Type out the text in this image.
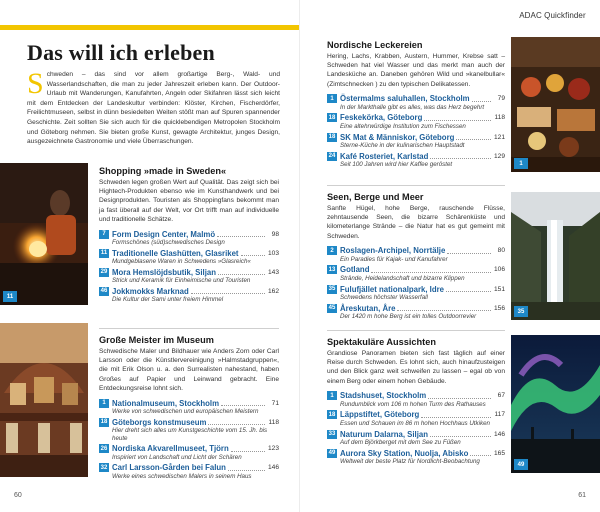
Das will ich erleben
S chweden – das sind vor allem großartige Berg-, Wald- und Wasserlandschaften, die man zu jeder Jahreszeit erleben kann. Der Outdoor-Urlaub mit Wanderungen, Kanufahrten, Angeln oder Skifahren lässt sich leicht mit dem Entdecken der Landeskultur verbinden: Klöster, Kirchen, Fischerdörfer, Freilichtmuseen, selbst in dünn besiedelten Weiten stößt man auf Spuren spannender Geschichte. Zeit sollten Sie sich auch für die quicklebendigen Metropolen Stockholm und Göteborg nehmen. Sie bieten große Kunst, gewagte Architektur, junges Design, ausgezeichnete Gastronomie und viele Überraschungen.
11
Shopping »made in Sweden«
Schweden legen großen Wert auf Qualität. Das zeigt sich bei Hightech-Produkten ebenso wie im Kunsthandwerk und bei Designprodukten. Touristen als Shoppingfans bekommt man ja fast überall auf der Welt, vor Ort trifft man auf individuelle und traditionelle Schätze.
7 Form Design Center, Malmö	98
Formschönes (süd)schwedisches Design
11 Traditionelle Glashütten, Glasriket	103
Mundgeblasene Waren in Schwedens »Glasreich«
29 Mora Hemslöjdsbutik, Siljan	143
Strick und Keramik für Einheimische und Touristen
46 Jokkmokks Marknad	162
Die Kultur der Sami unter freiem Himmel
Große Meister im Museum
Schwedische Maler und Bildhauer wie Anders Zorn oder Carl Larsson oder die Künstlervereinigung »Halmstadgruppen«, die mit Erik Olson u. a. den Surrealisten nahestand, haben Großes auf Papier und Leinwand gebracht. Eine Entdeckungsreise lohnt sich.
1 Nationalmuseum, Stockholm	71
Werke von schwedischen und europäischen Meistern
18 Göteborgs konstmuseum	118
Hier dreht sich alles um Kunstgeschichte vom 15. Jh. bis heute
26 Nordiska Akvarellmuseet, Tjörn	123
Inspiriert von Landschaft und Licht der Schären
32 Carl Larsson-Gården bei Falun	146
Werke eines schwedischen Malers in seinem Haus
60
ADAC Quickfinder
Nordische Leckereien
Hering, Lachs, Krabben, Austern, Hummer, Krebse satt – Schweden hat viel Wasser und das merkt man auch der Landesküche an. Daneben gehören Wild und »kanelbullar« (Zimtschnecken ) zu den typischen Delikatessen.
1 Östermalms saluhallen, Stockholm	79
In der Markthalle gibt es alles, was das Herz begehrt
18 Feskekörka, Göteborg	118
Eine altehrwürdige Institution zum Fischessen
18 SK Mat & Människor, Göteborg	121
Sterne-Küche in der kulinarischen Hauptstadt
24 Kafé Rosteriet, Karlstad	129
Seit 100 Jahren wird hier Kaffee geröstet	1
Seen, Berge und Meer
Sanfte Hügel, hohe Berge, rauschende Flüsse, zehntausende Seen, die bizarre Schärenküste und kilometerlange Strände – die Natur hat es gut gemeint mit Schweden.
2 Roslagen-Archipel, Norrtälje	80
Ein Paradies für Kajak- und Kanufahrer
13 Gotland	106
Strände, Heidelandschaft und bizarre Klippen
35 Fulufjället nationalpark, Idre	151
Schwedens höchster Wasserfall
45 Åreskutan, Åre	156
Der 1420 m hohe Berg ist ein tolles Outdoorrevier
35
Spektakuläre Aussichten
Grandiose Panoramen bieten sich fast täglich auf einer Reise durch Schweden. Es lohnt sich, auch hinaufzusteigen und den Blick ganz weit schweifen zu lassen – egal ob von einem Berg oder einem hohen Gebäude.
1 Stadshuset, Stockholm	67
Rundumblick vom 106 m hohen Turm des Rathauses
18 Läppstiftet, Göteborg	117
Essen und Schauen im 86 m hohen Hochhaus Utkiken
33 Naturum Dalarna, Siljan	146
Auf dem Björkberget mit dem See zu Füßen
49 Aurora Sky Station, Nuolja, Abisko	165
Weltweit der beste Platz für Nordlicht-Beobachtung	49
61
